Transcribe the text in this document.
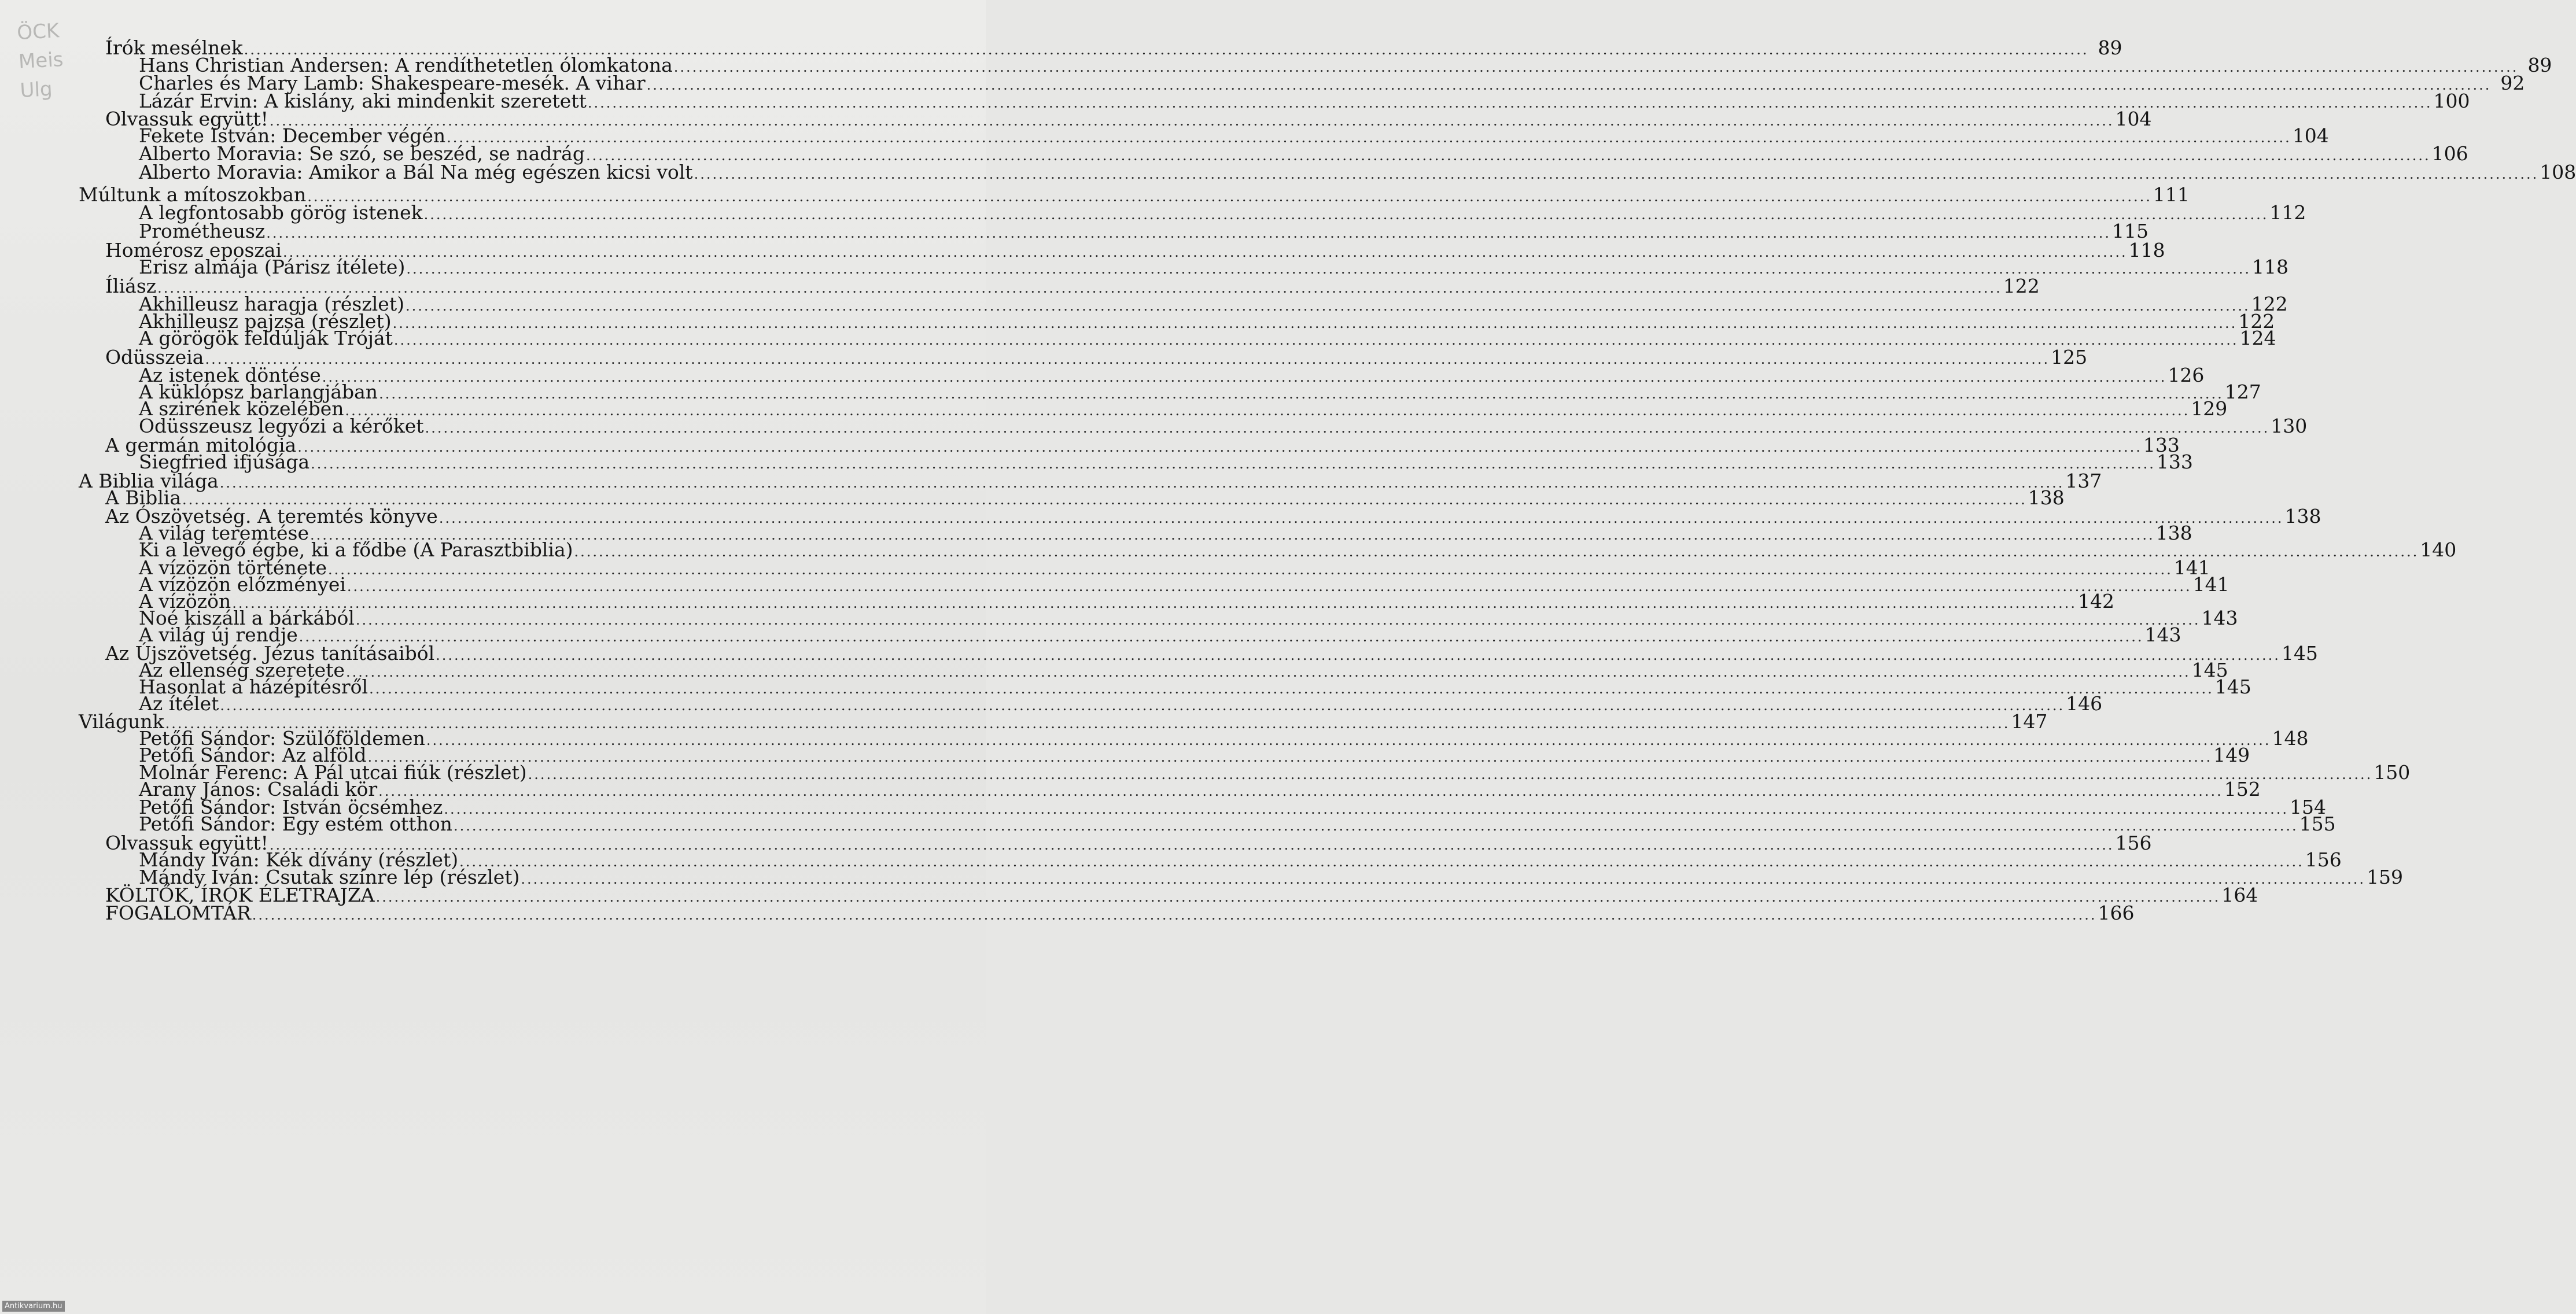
ÖCK
Meis
Ulg
Írók mesélnek ............................................................................................................................................................................................................................................................................................................ 89
Hans Christian Andersen: A rendíthetetlen ólomkatona ............................................................................................................................................................................................................................................................................................................ 89
Charles és Mary Lamb: Shakespeare-mesék. A vihar ............................................................................................................................................................................................................................................................................................................ 92
Lázár Ervin: A kislány, aki mindenkit szeretett ............................................................................................................................................................................................................................................................................................................ 100
Olvassuk együtt! ............................................................................................................................................................................................................................................................................................................ 104
Fekete István: December végén ............................................................................................................................................................................................................................................................................................................ 104
Alberto Moravia: Se szó, se beszéd, se nadrág ............................................................................................................................................................................................................................................................................................................ 106
Alberto Moravia: Amikor a Bál Na még egészen kicsi volt ............................................................................................................................................................................................................................................................................................................ 108
Múltunk a mítoszokban ............................................................................................................................................................................................................................................................................................................ 111
A legfontosabb görög istenek ............................................................................................................................................................................................................................................................................................................ 112
Prométheusz ............................................................................................................................................................................................................................................................................................................ 115
Homérosz eposzai ............................................................................................................................................................................................................................................................................................................ 118
Erisz almája (Párisz ítélete) ............................................................................................................................................................................................................................................................................................................ 118
Íliász ............................................................................................................................................................................................................................................................................................................ 122
Akhilleusz haragja (részlet) ............................................................................................................................................................................................................................................................................................................ 122
Akhilleusz pajzsa (részlet) ............................................................................................................................................................................................................................................................................................................ 122
A görögök feldúlják Tróját ............................................................................................................................................................................................................................................................................................................ 124
Odüsszeia ............................................................................................................................................................................................................................................................................................................ 125
Az istenek döntése ............................................................................................................................................................................................................................................................................................................ 126
A küklópsz barlangjában ............................................................................................................................................................................................................................................................................................................ 127
A szirének közelében ............................................................................................................................................................................................................................................................................................................ 129
Odüsszeusz legyőzi a kérőket ............................................................................................................................................................................................................................................................................................................ 130
A germán mitológia ............................................................................................................................................................................................................................................................................................................ 133
Siegfried ifjúsága ............................................................................................................................................................................................................................................................................................................ 133
A Biblia világa ............................................................................................................................................................................................................................................................................................................ 137
A Biblia ............................................................................................................................................................................................................................................................................................................ 138
Az Ószövetség. A teremtés könyve ............................................................................................................................................................................................................................................................................................................ 138
A világ teremtése ............................................................................................................................................................................................................................................................................................................ 138
Ki a levegő égbe, ki a fődbe (A Parasztbiblia) ............................................................................................................................................................................................................................................................................................................ 140
A vízözön története ............................................................................................................................................................................................................................................................................................................ 141
A vízözön előzményei ............................................................................................................................................................................................................................................................................................................ 141
A vízözön ............................................................................................................................................................................................................................................................................................................ 142
Noé kiszáll a bárkából ............................................................................................................................................................................................................................................................................................................ 143
A világ új rendje ............................................................................................................................................................................................................................................................................................................ 143
Az Újszövetség. Jézus tanításaiból ............................................................................................................................................................................................................................................................................................................ 145
Az ellenség szeretete ............................................................................................................................................................................................................................................................................................................ 145
Hasonlat a házépítésről ............................................................................................................................................................................................................................................................................................................ 145
Az ítélet ............................................................................................................................................................................................................................................................................................................ 146
Világunk ............................................................................................................................................................................................................................................................................................................ 147
Petőfi Sándor: Szülőföldemen ............................................................................................................................................................................................................................................................................................................ 148
Petőfi Sándor: Az alföld ............................................................................................................................................................................................................................................................................................................ 149
Molnár Ferenc: A Pál utcai fiúk (részlet) ............................................................................................................................................................................................................................................................................................................ 150
Arany János: Családi kör ............................................................................................................................................................................................................................................................................................................ 152
Petőfi Sándor: István öcsémhez ............................................................................................................................................................................................................................................................................................................ 154
Petőfi Sándor: Egy estém otthon ............................................................................................................................................................................................................................................................................................................ 155
Olvassuk együtt! ............................................................................................................................................................................................................................................................................................................ 156
Mándy Iván: Kék dívány (részlet) ............................................................................................................................................................................................................................................................................................................ 156
Mándy Iván: Csutak színre lép (részlet) ............................................................................................................................................................................................................................................................................................................ 159
KÖLTŐK, ÍRÓK ÉLETRAJZA ............................................................................................................................................................................................................................................................................................................ 164
FOGALOMTÁR ............................................................................................................................................................................................................................................................................................................ 166
Antikvarium.hu
